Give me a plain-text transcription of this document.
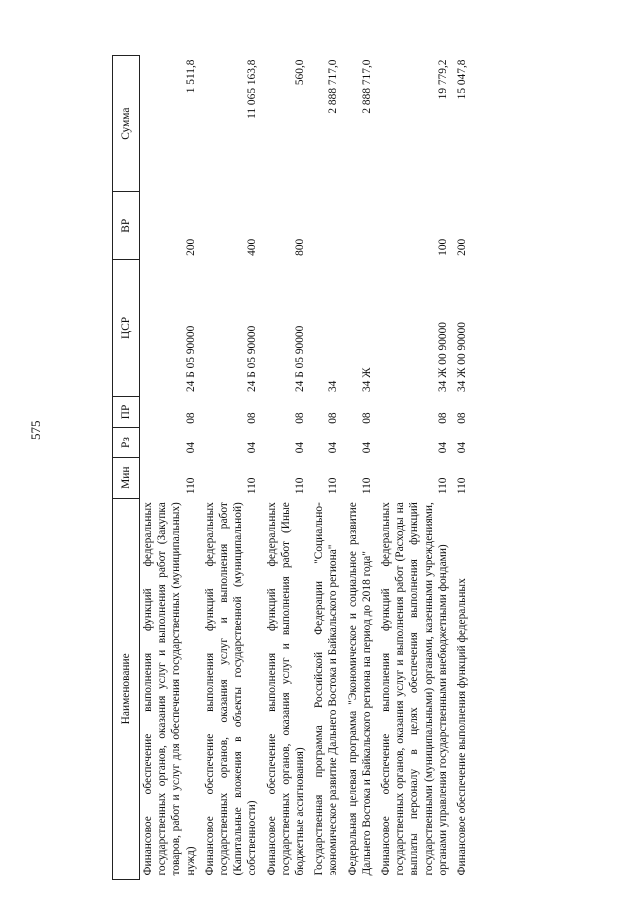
575
Наименование	Мин	Рз	ПР	ЦСР	ВР	Сумма
Финансовое обеспечение выполнения функций федеральных государственных органов, оказания услуг и выполнения работ (Закупка товаров, работ и услуг для обеспечения государственных (муниципальных) нужд)	110	04	08	24 Б 05 90000	200	1 511,8
Финансовое обеспечение выполнения функций федеральных государственных органов, оказания услуг и выполнения работ (Капитальные вложения в объекты государственной (муниципальной) собственности)	110	04	08	24 Б 05 90000	400	11 065 163,8
Финансовое обеспечение выполнения функций федеральных государственных органов, оказания услуг и выполнения работ (Иные бюджетные ассигнования)	110	04	08	24 Б 05 90000	800	560,0
Государственная программа Российской Федерации "Социально-экономическое развитие Дальнего Востока и Байкальского региона"	110	04	08	34		2 888 717,0
Федеральная целевая программа "Экономическое и социальное развитие Дальнего Востока и Байкальского региона на период до 2018 года"	110	04	08	34 Ж		2 888 717,0
Финансовое обеспечение выполнения функций федеральных государственных органов, оказания услуг и выполнения работ (Расходы на выплаты персоналу в целях обеспечения выполнения функций государственными (муниципальными) органами, казенными учреждениями, органами управления государственными внебюджетными фондами)	110	04	08	34 Ж 00 90000	100	19 779,2
Финансовое обеспечение выполнения функций федеральных	110	04	08	34 Ж 00 90000	200	15 047,8
